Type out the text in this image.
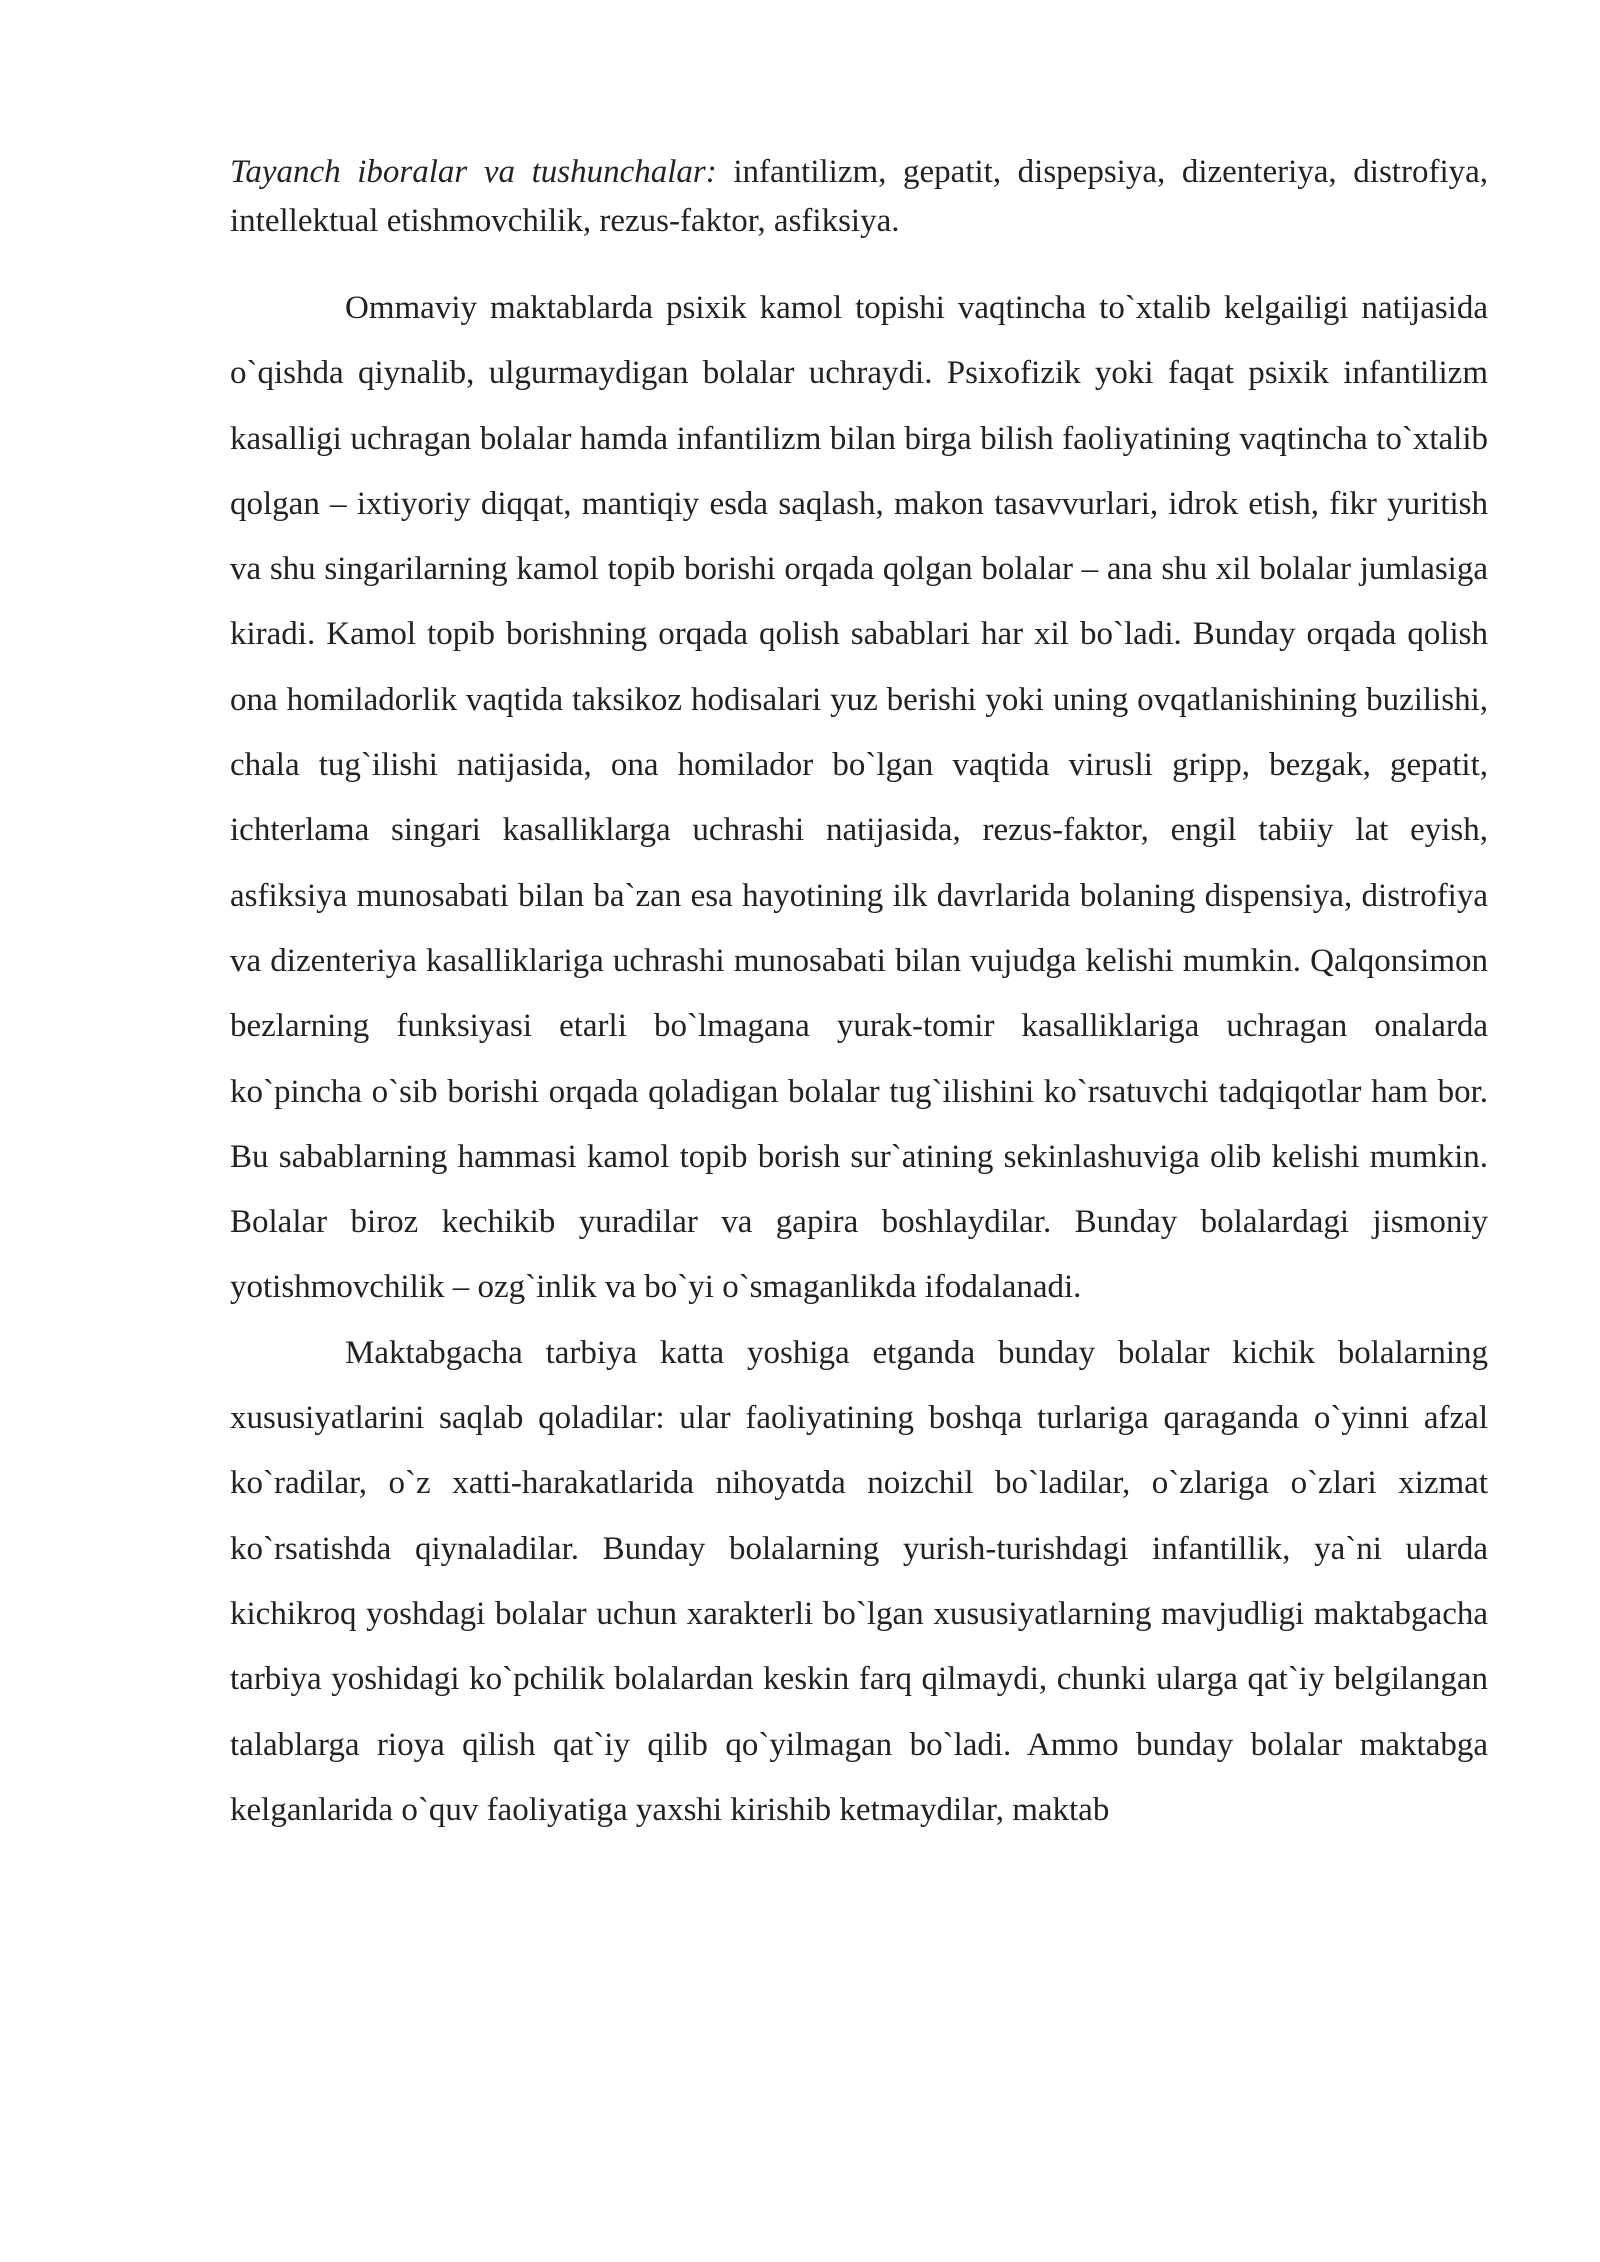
Tayanch iboralar va tushunchalar: infantilizm, gepatit, dispepsiya, dizenteriya, distrofiya, intellektual etishmovchilik, rezus-faktor, asfiksiya.

Ommaviy maktablarda psixik kamol topishi vaqtincha to`xtalib kelgailigi natijasida o`qishda qiynalib, ulgurmaydigan bolalar uchraydi. Psixofizik yoki faqat psixik infantilizm kasalligi uchragan bolalar hamda infantilizm bilan birga bilish faoliyatining vaqtincha to`xtalib qolgan – ixtiyoriy diqqat, mantiqiy esda saqlash, makon tasavvurlari, idrok etish, fikr yuritish va shu singarilarning kamol topib borishi orqada qolgan bolalar – ana shu xil bolalar jumlasiga kiradi. Kamol topib borishning orqada qolish sabablari har xil bo`ladi. Bunday orqada qolish ona homiladorlik vaqtida taksikoz hodisalari yuz berishi yoki uning ovqatlanishining buzilishi, chala tug`ilishi natijasida, ona homilador bo`lgan vaqtida virusli gripp, bezgak, gepatit, ichterlama singari kasalliklarga uchrashi natijasida, rezus-faktor, engil tabiiy lat eyish, asfiksiya munosabati bilan ba`zan esa hayotining ilk davrlarida bolaning dispensiya, distrofiya va dizenteriya kasalliklariga uchrashi munosabati bilan vujudga kelishi mumkin. Qalqonsimon bezlarning funksiyasi etarli bo`lmagana yurak-tomir kasalliklariga uchragan onalarda ko`pincha o`sib borishi orqada qoladigan bolalar tug`ilishini ko`rsatuvchi tadqiqotlar ham bor. Bu sabablarning hammasi kamol topib borish sur`atining sekinlashuviga olib kelishi mumkin. Bolalar biroz kechikib yuradilar va gapira boshlaydilar. Bunday bolalardagi jismoniy yotishmovchilik – ozg`inlik va bo`yi o`smaganlikda ifodalanadi.

Maktabgacha tarbiya katta yoshiga etganda bunday bolalar kichik bolalarning xususiyatlarini saqlab qoladilar: ular faoliyatining boshqa turlariga qaraganda o`yinni afzal ko`radilar, o`z xatti-harakatlarida nihoyatda noizchil bo`ladilar, o`zlariga o`zlari xizmat ko`rsatishda qiynaladilar. Bunday bolalarning yurish-turishdagi infantillik, ya`ni ularda kichikroq yoshdagi bolalar uchun xarakterli bo`lgan xususiyatlarning mavjudligi maktabgacha tarbiya yoshidagi ko`pchilik bolalardan keskin farq qilmaydi, chunki ularga qat`iy belgilangan talablarga rioya qilish qat`iy qilib qo`yilmagan bo`ladi. Ammo bunday bolalar maktabga kelganlarida o`quv faoliyatiga yaxshi kirishib ketmaydilar, maktab
